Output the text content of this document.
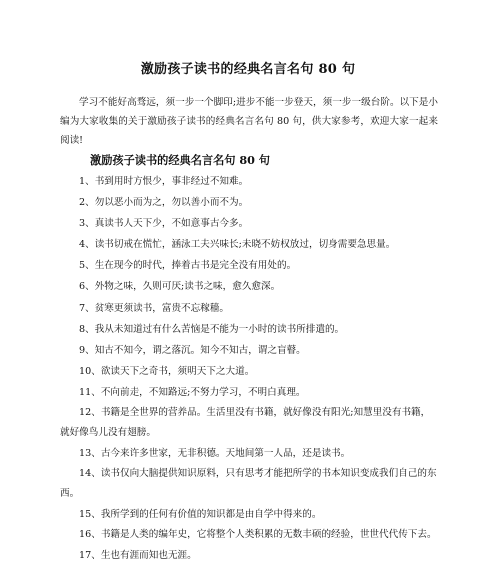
激励孩子读书的经典名言名句 80 句
学习不能好高骛远，须一步一个脚印;进步不能一步登天，须一步一级台阶。以下是小编为大家收集的关于激励孩子读书的经典名言名句 80 句，供大家参考，欢迎大家一起来阅读!
激励孩子读书的经典名言名句 80 句
1、书到用时方恨少，事非经过不知难。
2、勿以恶小而为之，勿以善小而不为。
3、真读书人天下少，不如意事古今多。
4、读书切戒在慌忙，涵泳工夫兴味长;未晓不妨权放过，切身需要急思量。
5、生在现今的时代，捧着古书是完全没有用处的。
6、外物之味，久则可厌;读书之味，愈久愈深。
7、贫寒更须读书，富贵不忘稼穑。
8、我从未知道过有什么苦恼是不能为一小时的读书所排遣的。
9、知古不知今，谓之落沉。知今不知古，谓之盲瞽。
10、欲读天下之奇书，须明天下之大道。
11、不向前走，不知路远;不努力学习，不明白真理。
12、书籍是全世界的营养品。生活里没有书籍，就好像没有阳光;知慧里没有书籍，就好像鸟儿没有翅膀。
13、古今来许多世家，无非积德。天地间第一人品，还是读书。
14、读书仅向大脑提供知识原料，只有思考才能把所学的书本知识变成我们自己的东西。
15、我所学到的任何有价值的知识都是由自学中得来的。
16、书籍是人类的编年史，它将整个人类积累的无数丰硕的经验，世世代代传下去。
17、生也有涯而知也无涯。
